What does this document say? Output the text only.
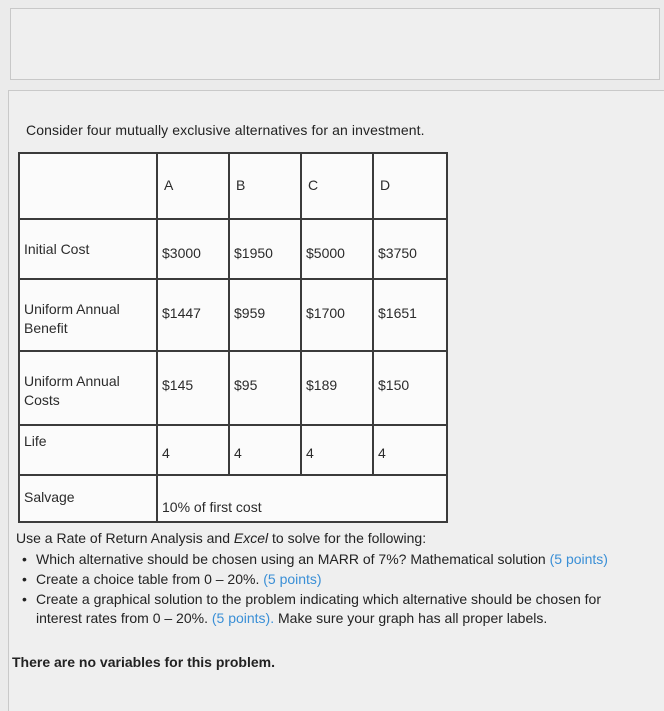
Consider four mutually exclusive alternatives for an investment.

	A	B	C	D

Initial Cost	$3000	$1950	$5000	$3750

Uniform Annual Benefit	$1447	$959	$1700	$1651

Uniform Annual Costs	$145	$95	$189	$150

Life	4	4	4	4

Salvage	10% of first cost			
Use a Rate of Return Analysis and Excel to solve for the following:
• Which alternative should be chosen using an MARR of 7%? Mathematical solution (5 points)
• Create a choice table from 0 – 20%. (5 points)
• Create a graphical solution to the problem indicating which alternative should be chosen for interest rates from 0 – 20%. (5 points). Make sure your graph has all proper labels.
There are no variables for this problem.
